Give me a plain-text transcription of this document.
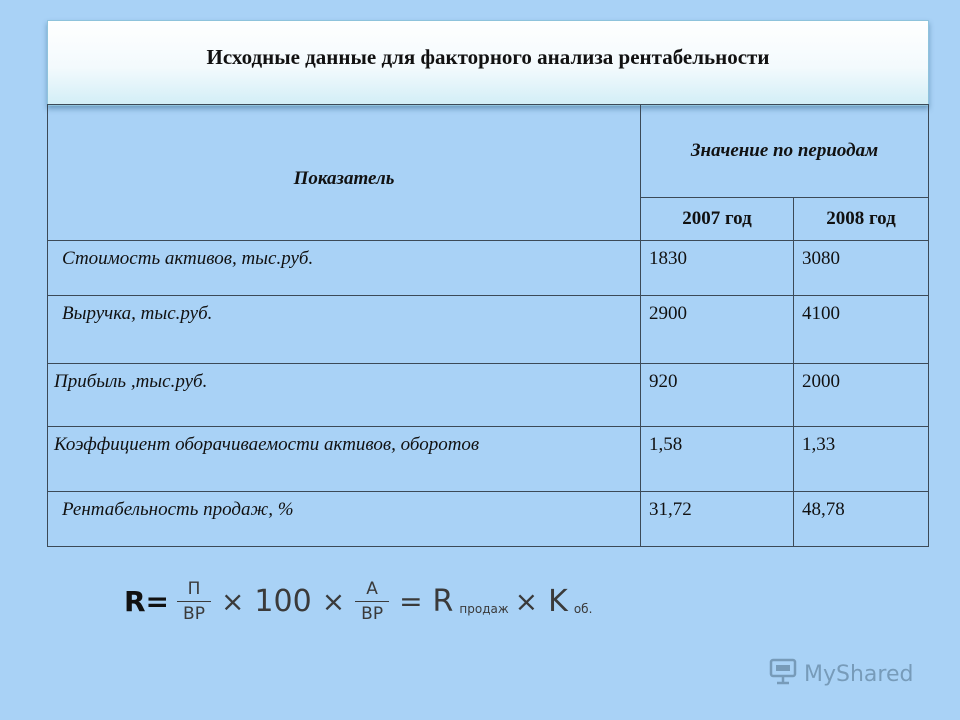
Исходные данные для факторного анализа рентабельности
Показатель	Значение по периодам	
	2007 год	2008 год
Стоимость активов, тыс.руб.	1830	3080
Выручка, тыс.руб.	2900	4100
Прибыль ,тыс.руб.	920	2000
Коэффициент оборачиваемости активов, оборотов	1,58	1,33
Рентабельность продаж, %	31,72	48,78
$R= \frac{П}{ВР} \times 100 \times \frac{А}{ВР} = R$ продаж × K об.
MyShared
